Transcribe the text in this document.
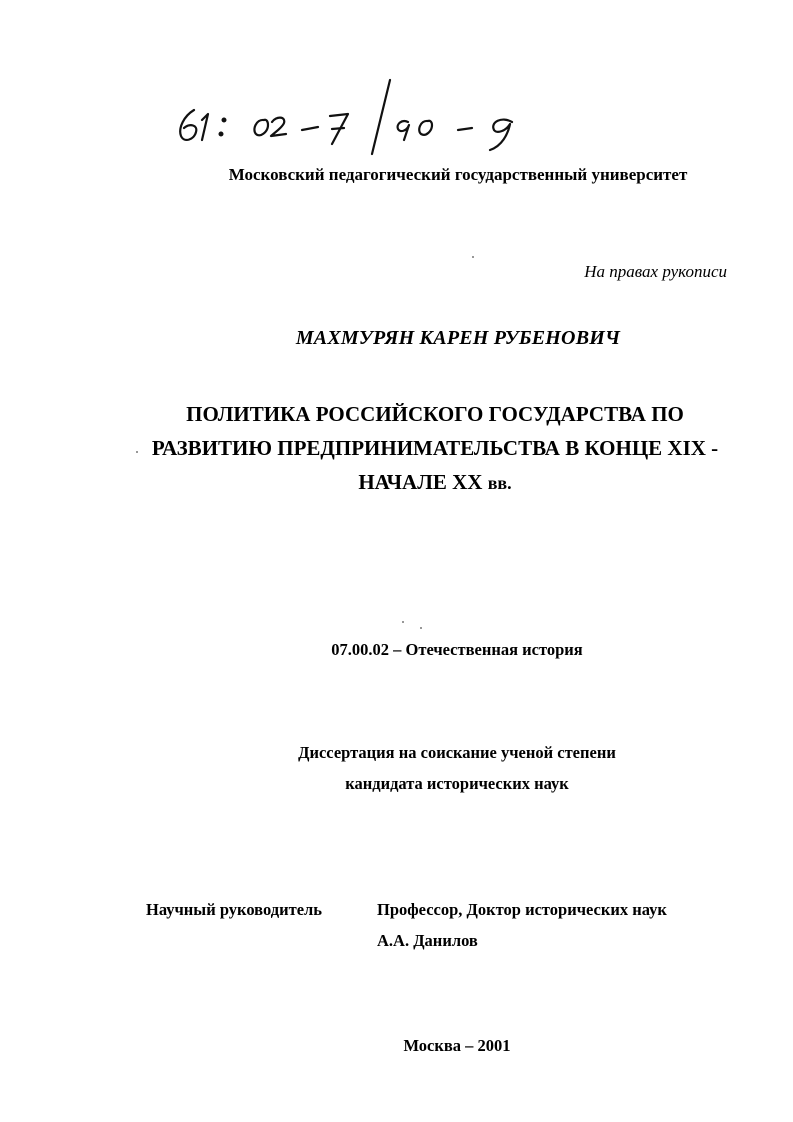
Московский педагогический государственный университет
На правах рукописи
МАХМУРЯН КАРЕН РУБЕНОВИЧ
ПОЛИТИКА РОССИЙСКОГО ГОСУДАРСТВА ПО
РАЗВИТИЮ ПРЕДПРИНИМАТЕЛЬСТВА В КОНЦЕ XIX -
НАЧАЛЕ XX вв.
07.00.02 – Отечественная история
Диссертация на соискание ученой степени
кандидата исторических наук
Научный руководитель	Профессор, Доктор исторических наук
А.А. Данилов
Москва – 2001
